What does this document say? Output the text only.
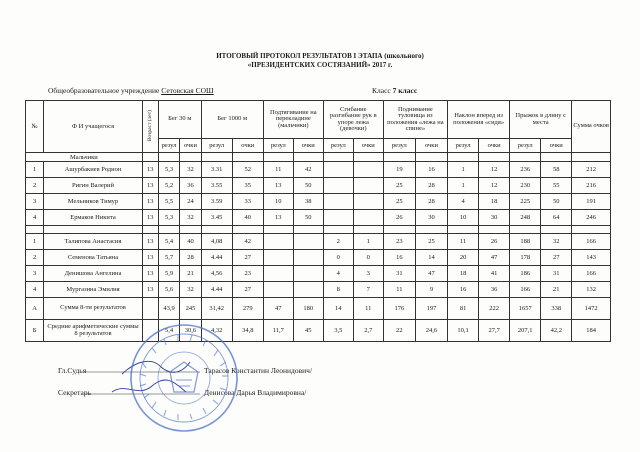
ИТОГОВЫЙ ПРОТОКОЛ РЕЗУЛЬТАТОВ I ЭТАПА (школьного)
«ПРЕЗИДЕНТСКИХ СОСТЯЗАНИЙ» 2017 г.
Общеобразовательное учреждение Сетовская СОШ	Класс 7 класс
№	Ф И учащегося	Возраст (лет)	Бег 30 м		Бег 1000 м		Подтягивание на перекладине (мальчики)		Сгибание разгибание рук в упоре лежа (девочки)		Поднимание туловища из положения «лежа на спине»		Наклон вперед из положения «сидя»		Прыжок в длину с места		Сумма очков
			резул	очки	резул	очки	резул	очки	резул	очки	резул	очки	резул	очки	резул	очки	
Мальчики																	
1	Ашурбакиев Родион	13	5,3	32	3.31	52	11	42			19	16	1	12	236	58	212
2	Ригин Валерий	13	5,2	36	3.55	35	13	50			25	28	1	12	230	55	216
3	Мельников Тимур	13	5,5	24	3.59	33	10	38			25	28	4	18	225	50	191
4	Ермаков Никита	13	5,3	32	3.45	40	13	50			26	30	10	30	248	64	246

1	Талипова Анастасия	13	5,4	40	4,08	42			2	1	23	25	11	26	188	32	166
2	Семенова Татьяна	13	5,7	28	4.44	27			0	0	16	14	20	47	178	27	143
3	Денишова Ангелина	13	5,9	21	4,56	23			4	3	31	47	18	41	186	31	166
4	Мургазина Эмилия	13	5,6	32	4.44	27			8	7	11	9	16	36	166	21	132
А	Сумма 8-ти результатов		43,9	245	31,42	279	47	180	14	11	176	197	81	222	1657	338	1472
Б	Средние арифметические суммы 8 результатов		5,4	30,6	4,32	34,8	11,7	45	3,5	2,7	22	24,6	10,1	27,7	207,1	42,2	184
Гл.Судья	Тарасов Константин Леонидович/
Секретарь	Денисова Дарья Владимировна/
